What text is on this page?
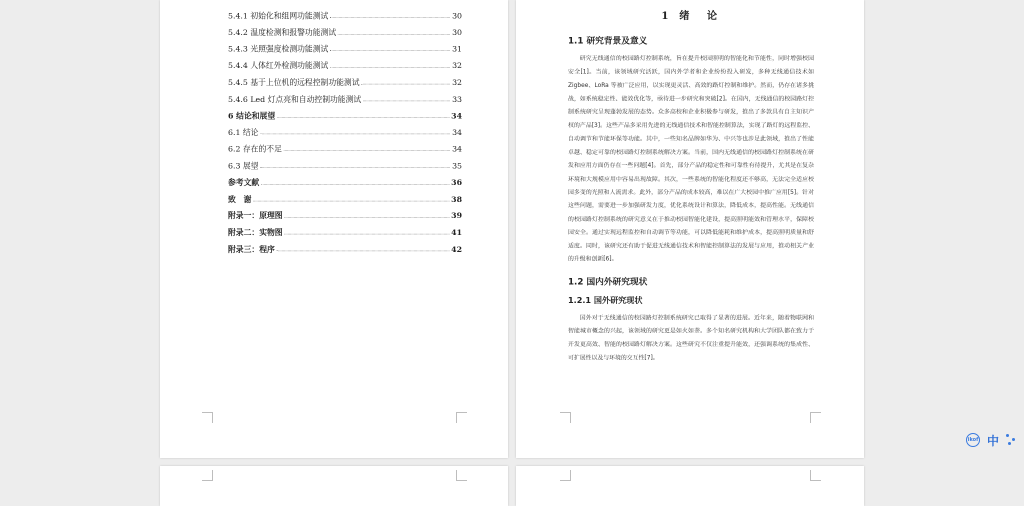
5.4.1 初始化和组网功能测试	30
5.4.2 温度检测和报警功能测试	30
5.4.3 光照强度检测功能测试	31
5.4.4 人体红外检测功能测试	32
5.4.5 基于上位机的远程控制功能测试	32
5.4.6 Led 灯点亮和自动控制功能测试	33
6 结论和展望	34
6.1 结论	34
6.2 存在的不足	34
6.3 展望	35
参考文献	36
致　谢	38
附录一：原理图	39
附录二：实物图	41
附录三：程序	42
1 绪　论
1.1 研究背景及意义

研究无线通信的校园路灯控制系统，旨在提升校园照明的智能化和节能性，同时增强校园安全[1]。当前，该领域研究活跃，国内外学者和企业纷纷投入研发，多种无线通信技术如 Zigbee、LoRa 等被广泛应用，以实现更灵活、高效的路灯控制和维护。然而，仍存在诸多挑战，如系统稳定性、能效优化等，亟待进一步研究和突破[2]。在国内，无线通信的校园路灯控制系统研究呈现蓬勃发展的态势。众多高校和企业积极参与研发，推出了多款具有自主知识产权的产品[3]。这些产品多采用先进的无线通信技术和智能控制算法，实现了路灯的远程监控、自动调节和节能环保等功能。其中，一些知名品牌如华为、中兴等也涉足此领域，推出了性能卓越、稳定可靠的校园路灯控制系统解决方案。当前，国内无线通信的校园路灯控制系统在研发和应用方面仍存在一些问题[4]。首先，部分产品的稳定性和可靠性有待提升，尤其是在复杂环境和大规模应用中容易出现故障。其次，一些系统的智能化程度还不够高，无法完全适应校园多变的光照和人流需求。此外，部分产品的成本较高，难以在广大校园中推广应用[5]。针对这些问题，需要进一步加强研发力度，优化系统设计和算法，降低成本，提高性能。无线通信的校园路灯控制系统的研究意义在于推动校园智能化建设，提高照明能效和管理水平，保障校园安全。通过实现远程监控和自动调节等功能，可以降低能耗和维护成本，提高照明质量和舒适度。同时，该研究还有助于促进无线通信技术和智能控制算法的发展与应用，推动相关产业的升级和创新[6]。

1.2 国内外研究现状
1.2.1 国外研究现状

国外对于无线通信的校园路灯控制系统研究已取得了显著的进展。近年来，随着物联网和智能城市概念的兴起，该领域的研究更是如火如荼。多个知名研究机构和大学团队都在致力于开发更高效、智能的校园路灯解决方案。这些研究不仅注重提升能效，还强调系统的集成性、可扩展性以及与环境的交互性[7]。

ikof 中
